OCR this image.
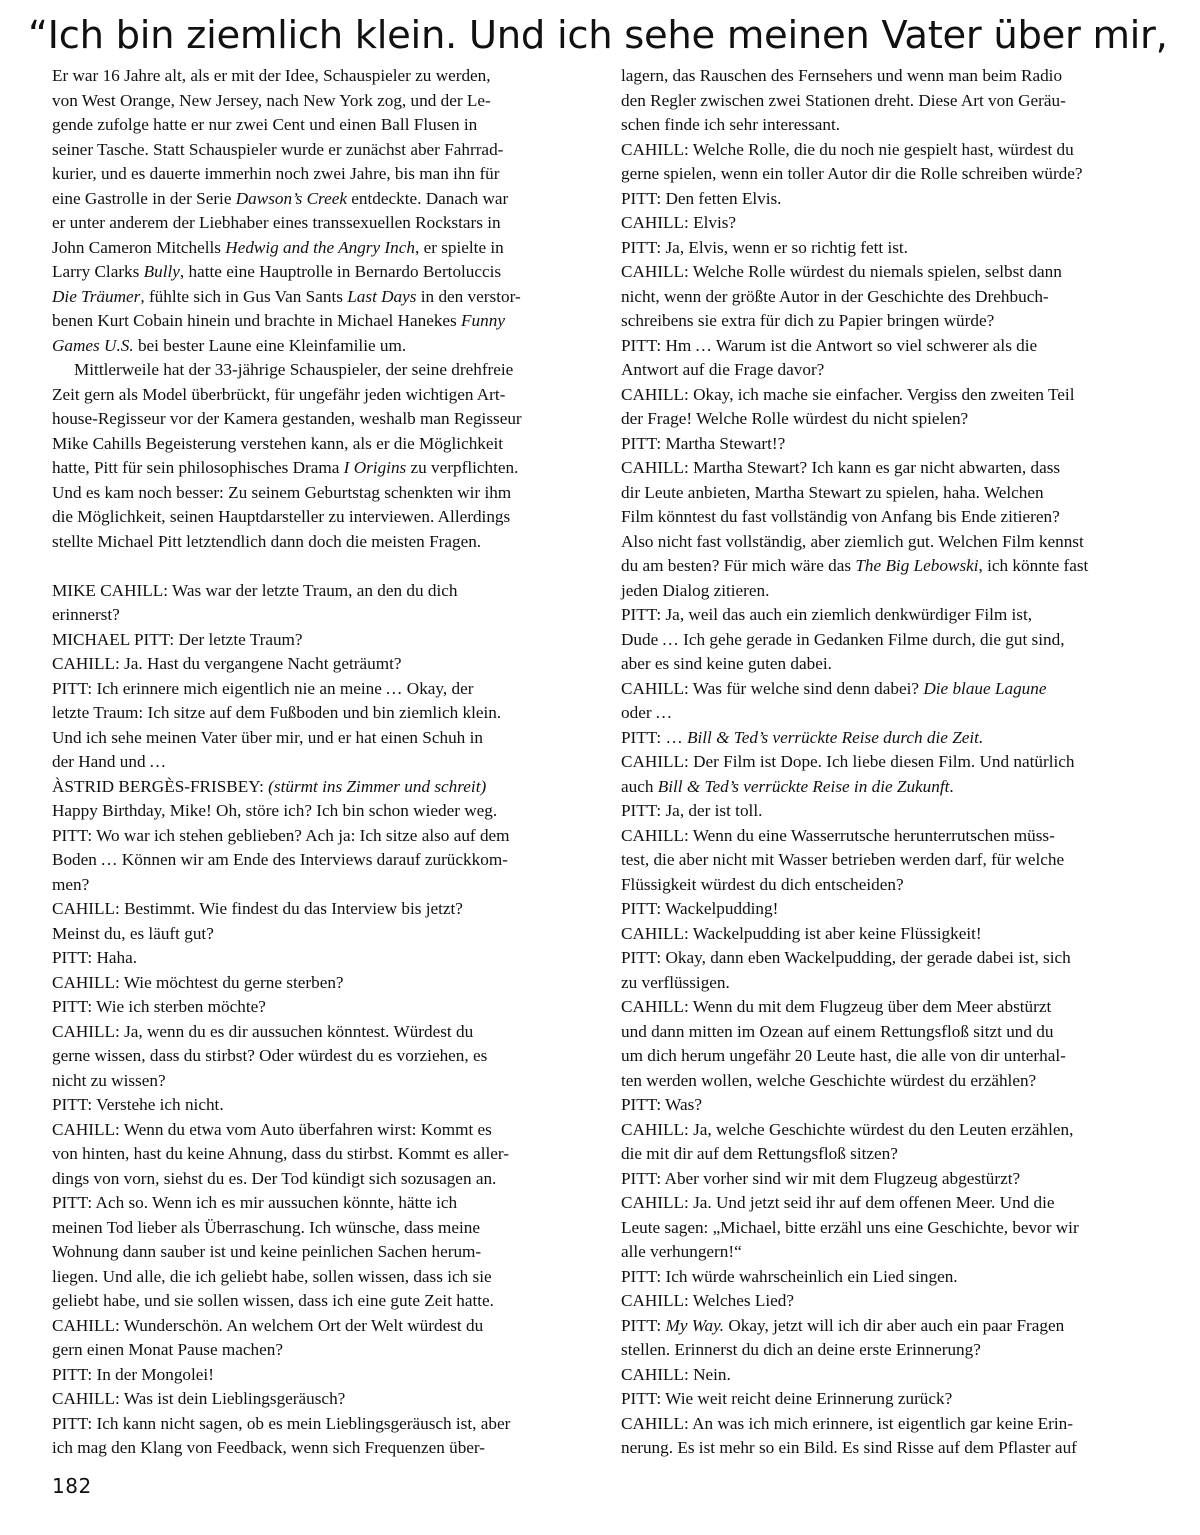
“Ich bin ziemlich klein. Und ich sehe meinen Vater über mir,

Er war 16 Jahre alt, als er mit der Idee, Schauspieler zu werden,

von West Orange, New Jersey, nach New York zog, und der Le-

gende zufolge hatte er nur zwei Cent und einen Ball Flusen in

seiner Tasche. Statt Schauspieler wurde er zunächst aber Fahrrad-

kurier, und es dauerte immerhin noch zwei Jahre, bis man ihn für

eine Gastrolle in der Serie Dawson’s Creek entdeckte. Danach war

er unter anderem der Liebhaber eines transsexuellen Rockstars in

John Cameron Mitchells Hedwig and the Angry Inch, er spielte in

Larry Clarks Bully, hatte eine Hauptrolle in Bernardo Bertoluccis

Die Träumer, fühlte sich in Gus Van Sants Last Days in den verstor-

benen Kurt Cobain hinein und brachte in Michael Hanekes Funny

Games U.S. bei bester Laune eine Kleinfamilie um.

Mittlerweile hat der 33-jährige Schauspieler, der seine drehfreie

Zeit gern als Model überbrückt, für ungefähr jeden wichtigen Art-

house-Regisseur vor der Kamera gestanden, weshalb man Regisseur

Mike Cahills Begeisterung verstehen kann, als er die Möglichkeit

hatte, Pitt für sein philosophisches Drama I Origins zu verpflichten.

Und es kam noch besser: Zu seinem Geburtstag schenkten wir ihm

die Möglichkeit, seinen Hauptdarsteller zu interviewen. Allerdings

stellte Michael Pitt letztendlich dann doch die meisten Fragen.

MIKE CAHILL: Was war der letzte Traum, an den du dich

erinnerst?

MICHAEL PITT: Der letzte Traum?

CAHILL: Ja. Hast du vergangene Nacht geträumt?

PITT: Ich erinnere mich eigentlich nie an meine … Okay, der

letzte Traum: Ich sitze auf dem Fußboden und bin ziemlich klein.

Und ich sehe meinen Vater über mir, und er hat einen Schuh in

der Hand und …

ÀSTRID BERGÈS-FRISBEY: (stürmt ins Zimmer und schreit)

Happy Birthday, Mike! Oh, störe ich? Ich bin schon wieder weg.

PITT: Wo war ich stehen geblieben? Ach ja: Ich sitze also auf dem

Boden … Können wir am Ende des Interviews darauf zurückkom-

men?

CAHILL: Bestimmt. Wie findest du das Interview bis jetzt?

Meinst du, es läuft gut?

PITT: Haha.

CAHILL: Wie möchtest du gerne sterben?

PITT: Wie ich sterben möchte?

CAHILL: Ja, wenn du es dir aussuchen könntest. Würdest du

gerne wissen, dass du stirbst? Oder würdest du es vorziehen, es

nicht zu wissen?

PITT: Verstehe ich nicht.

CAHILL: Wenn du etwa vom Auto überfahren wirst: Kommt es

von hinten, hast du keine Ahnung, dass du stirbst. Kommt es aller-

dings von vorn, siehst du es. Der Tod kündigt sich sozusagen an.

PITT: Ach so. Wenn ich es mir aussuchen könnte, hätte ich

meinen Tod lieber als Überraschung. Ich wünsche, dass meine

Wohnung dann sauber ist und keine peinlichen Sachen herum-

liegen. Und alle, die ich geliebt habe, sollen wissen, dass ich sie

geliebt habe, und sie sollen wissen, dass ich eine gute Zeit hatte.

CAHILL: Wunderschön. An welchem Ort der Welt würdest du

gern einen Monat Pause machen?

PITT: In der Mongolei!

CAHILL: Was ist dein Lieblingsgeräusch?

PITT: Ich kann nicht sagen, ob es mein Lieblingsgeräusch ist, aber

ich mag den Klang von Feedback, wenn sich Frequenzen über-

lagern, das Rauschen des Fernsehers und wenn man beim Radio

den Regler zwischen zwei Stationen dreht. Diese Art von Geräu-

schen finde ich sehr interessant.

CAHILL: Welche Rolle, die du noch nie gespielt hast, würdest du

gerne spielen, wenn ein toller Autor dir die Rolle schreiben würde?

PITT: Den fetten Elvis.

CAHILL: Elvis?

PITT: Ja, Elvis, wenn er so richtig fett ist.

CAHILL: Welche Rolle würdest du niemals spielen, selbst dann

nicht, wenn der größte Autor in der Geschichte des Drehbuch-

schreibens sie extra für dich zu Papier bringen würde?

PITT: Hm … Warum ist die Antwort so viel schwerer als die

Antwort auf die Frage davor?

CAHILL: Okay, ich mache sie einfacher. Vergiss den zweiten Teil

der Frage! Welche Rolle würdest du nicht spielen?

PITT: Martha Stewart!?

CAHILL: Martha Stewart? Ich kann es gar nicht abwarten, dass

dir Leute anbieten, Martha Stewart zu spielen, haha. Welchen

Film könntest du fast vollständig von Anfang bis Ende zitieren?

Also nicht fast vollständig, aber ziemlich gut. Welchen Film kennst

du am besten? Für mich wäre das The Big Lebowski, ich könnte fast

jeden Dialog zitieren.

PITT: Ja, weil das auch ein ziemlich denkwürdiger Film ist,

Dude … Ich gehe gerade in Gedanken Filme durch, die gut sind,

aber es sind keine guten dabei.

CAHILL: Was für welche sind denn dabei? Die blaue Lagune

oder …

PITT: … Bill & Ted’s verrückte Reise durch die Zeit.

CAHILL: Der Film ist Dope. Ich liebe diesen Film. Und natürlich

auch Bill & Ted’s verrückte Reise in die Zukunft.

PITT: Ja, der ist toll.

CAHILL: Wenn du eine Wasserrutsche herunterrutschen müss-

test, die aber nicht mit Wasser betrieben werden darf, für welche

Flüssigkeit würdest du dich entscheiden?

PITT: Wackelpudding!

CAHILL: Wackelpudding ist aber keine Flüssigkeit!

PITT: Okay, dann eben Wackelpudding, der gerade dabei ist, sich

zu verflüssigen.

CAHILL: Wenn du mit dem Flugzeug über dem Meer abstürzt

und dann mitten im Ozean auf einem Rettungsfloß sitzt und du

um dich herum ungefähr 20 Leute hast, die alle von dir unterhal-

ten werden wollen, welche Geschichte würdest du erzählen?

PITT: Was?

CAHILL: Ja, welche Geschichte würdest du den Leuten erzählen,

die mit dir auf dem Rettungsfloß sitzen?

PITT: Aber vorher sind wir mit dem Flugzeug abgestürzt?

CAHILL: Ja. Und jetzt seid ihr auf dem offenen Meer. Und die

Leute sagen: „Michael, bitte erzähl uns eine Geschichte, bevor wir

alle verhungern!“

PITT: Ich würde wahrscheinlich ein Lied singen.

CAHILL: Welches Lied?

PITT: My Way. Okay, jetzt will ich dir aber auch ein paar Fragen

stellen. Erinnerst du dich an deine erste Erinnerung?

CAHILL: Nein.

PITT: Wie weit reicht deine Erinnerung zurück?

CAHILL: An was ich mich erinnere, ist eigentlich gar keine Erin-

nerung. Es ist mehr so ein Bild. Es sind Risse auf dem Pflaster auf

182
